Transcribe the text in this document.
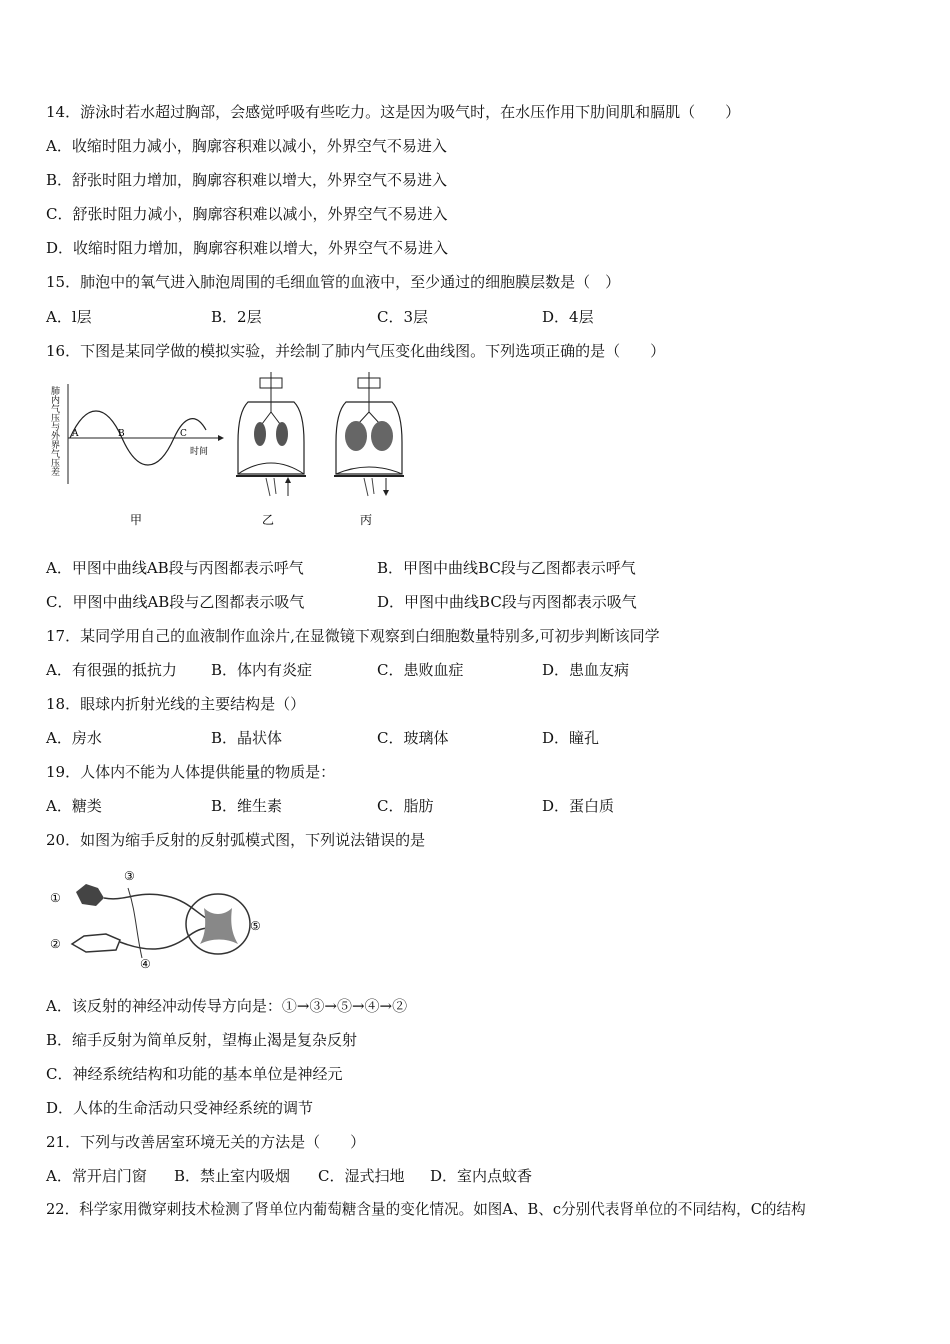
14．游泳时若水超过胸部，会感觉呼吸有些吃力。这是因为吸气时，在水压作用下肋间肌和膈肌（　　）
A．收缩时阻力减小，胸廓容积难以减小，外界空气不易进入
B．舒张时阻力增加，胸廓容积难以增大，外界空气不易进入
C．舒张时阻力减小，胸廓容积难以减小，外界空气不易进入
D．收缩时阻力增加，胸廓容积难以增大，外界空气不易进入
15．肺泡中的氧气进入肺泡周围的毛细血管的血液中，至少通过的细胞膜层数是（　）
A．l层	B．2层	C．3层	D．4层
16．下图是某同学做的模拟实验，并绘制了肺内气压变化曲线图。下列选项正确的是（　　）
肺内气压与外界气压差 A	B	C
时间
甲	乙	丙
A．甲图中曲线AB段与丙图都表示呼气	B．甲图中曲线BC段与乙图都表示呼气
C．甲图中曲线AB段与乙图都表示吸气	D．甲图中曲线BC段与丙图都表示吸气
17．某同学用自己的血液制作血涂片,在显微镜下观察到白细胞数量特别多,可初步判断该同学
A．有很强的抵抗力 B．体内有炎症	C．患败血症	D．患血友病
18．眼球内折射光线的主要结构是（）
A．房水	B．晶状体	C．玻璃体	D．瞳孔
19．人体内不能为人体提供能量的物质是：
A．糖类	B．维生素	C．脂肪	D．蛋白质
20．如图为缩手反射的反射弧模式图，下列说法错误的是
①
②
③
④
⑤
A．该反射的神经冲动传导方向是：①→③→⑤→④→②
B．缩手反射为简单反射，望梅止渴是复杂反射
C．神经系统结构和功能的基本单位是神经元
D．人体的生命活动只受神经系统的调节
21．下列与改善居室环境无关的方法是（　　）
A．常开启门窗 B．禁止室内吸烟 C．湿式扫地 D．室内点蚊香
22．科学家用微穿刺技术检测了肾单位内葡萄糖含量的变化情况。如图A、B、c分别代表肾单位的不同结构，C的结构
